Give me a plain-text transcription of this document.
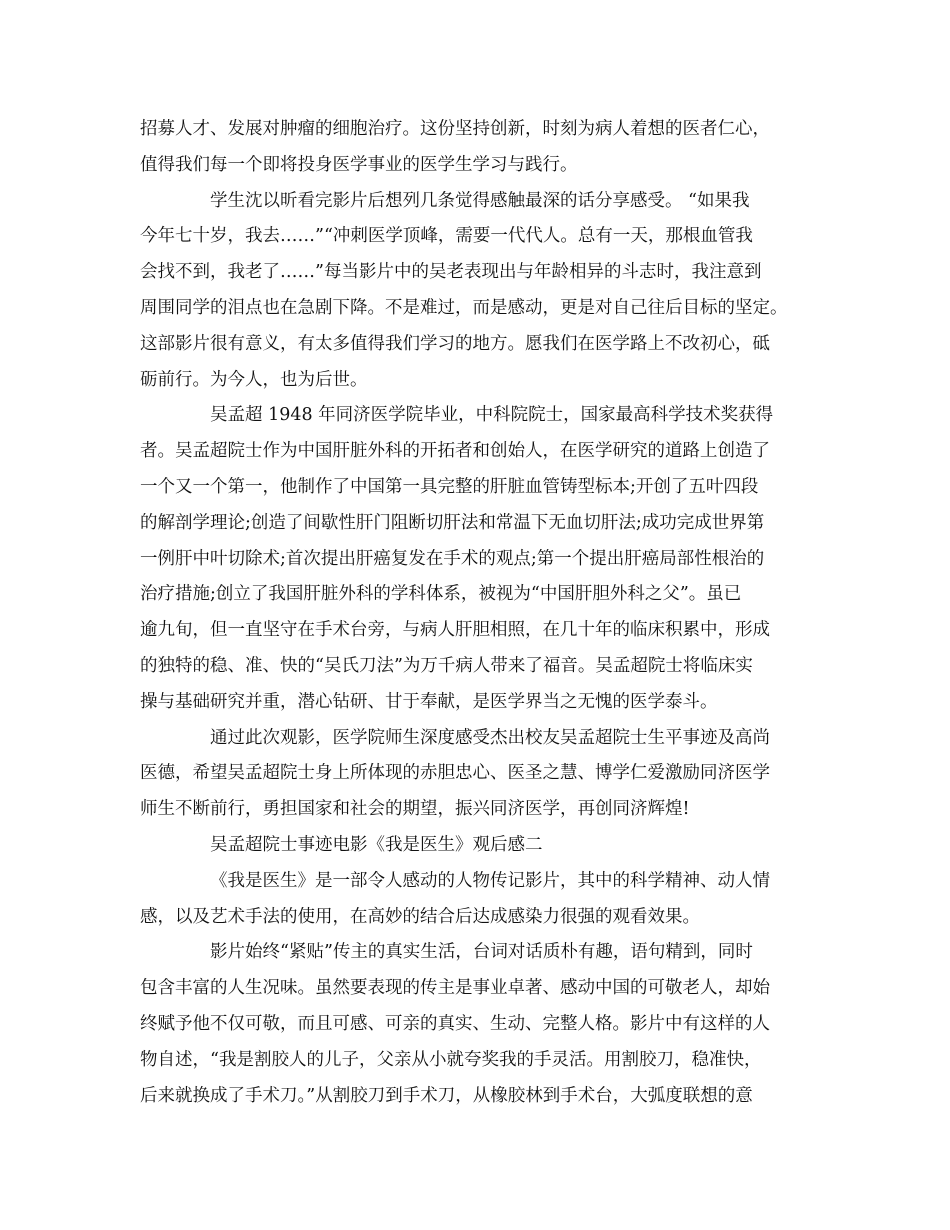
招募人才、发展对肿瘤的细胞治疗。这份坚持创新，时刻为病人着想的医者仁心，
值得我们每一个即将投身医学事业的医学生学习与践行。
学生沈以昕看完影片后想列几条觉得感触最深的话分享感受。 “如果我
今年七十岁，我去……”“冲刺医学顶峰，需要一代代人。总有一天，那根血管我
会找不到，我老了……”每当影片中的吴老表现出与年龄相异的斗志时，我注意到
周围同学的泪点也在急剧下降。不是难过，而是感动，更是对自己往后目标的坚定。
这部影片很有意义，有太多值得我们学习的地方。愿我们在医学路上不改初心，砥
砺前行。为今人，也为后世。
吴孟超 1948 年同济医学院毕业，中科院院士，国家最高科学技术奖获得
者。吴孟超院士作为中国肝脏外科的开拓者和创始人，在医学研究的道路上创造了
一个又一个第一，他制作了中国第一具完整的肝脏血管铸型标本;开创了五叶四段
的解剖学理论;创造了间歇性肝门阻断切肝法和常温下无血切肝法;成功完成世界第
一例肝中叶切除术;首次提出肝癌复发在手术的观点;第一个提出肝癌局部性根治的
治疗措施;创立了我国肝脏外科的学科体系，被视为“中国肝胆外科之父”。虽已
逾九旬，但一直坚守在手术台旁，与病人肝胆相照，在几十年的临床积累中，形成
的独特的稳、准、快的“吴氏刀法”为万千病人带来了福音。吴孟超院士将临床实
操与基础研究并重，潜心钻研、甘于奉献，是医学界当之无愧的医学泰斗。
通过此次观影，医学院师生深度感受杰出校友吴孟超院士生平事迹及高尚
医德，希望吴孟超院士身上所体现的赤胆忠心、医圣之慧、博学仁爱激励同济医学
师生不断前行，勇担国家和社会的期望，振兴同济医学，再创同济辉煌!
吴孟超院士事迹电影《我是医生》观后感二
《我是医生》是一部令人感动的人物传记影片，其中的科学精神、动人情
感，以及艺术手法的使用，在高妙的结合后达成感染力很强的观看效果。
影片始终“紧贴”传主的真实生活，台词对话质朴有趣，语句精到，同时
包含丰富的人生况味。虽然要表现的传主是事业卓著、感动中国的可敬老人，却始
终赋予他不仅可敬，而且可感、可亲的真实、生动、完整人格。影片中有这样的人
物自述，“我是割胶人的儿子，父亲从小就夸奖我的手灵活。用割胶刀，稳准快，
后来就换成了手术刀。”从割胶刀到手术刀，从橡胶林到手术台，大弧度联想的意
